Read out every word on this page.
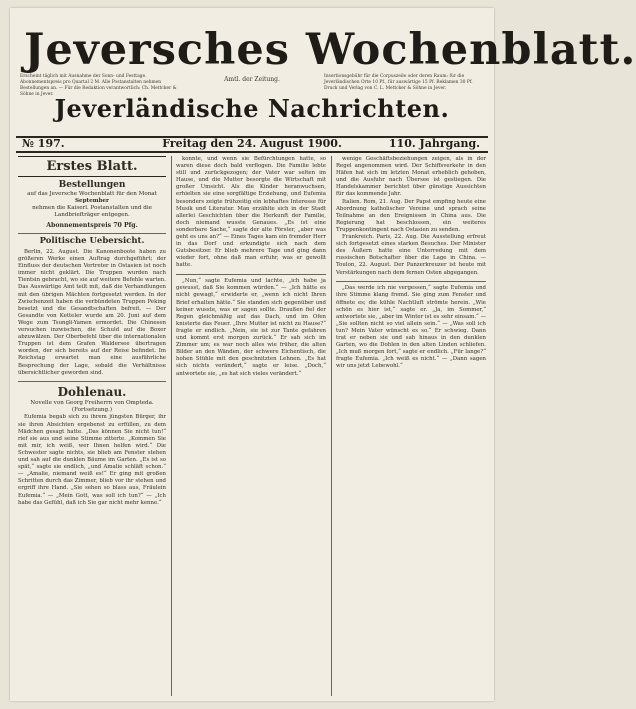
Jeversches Wochenblatt.
Erscheint täglich mit Ausnahme der Sonn- und Festtage. Abonnementspreis pro Quartal 2 M. Alle Postanstalten nehmen Bestellungen an. — Für die Redaktion verantwortlich: Ch. Mettcker & Söhne in Jever.
Amtl. der Zeitung.	Insertionsgebühr für die Corpuszeile oder deren Raum: für die Jeverländischen Orte 10 Pf., für auswärtige 15 Pf. Reklamen 30 Pf. Druck und Verlag von C. L. Mettcker & Söhne in Jever.
Jeverländische Nachrichten.
Freitag den 24. August 1900.
№ 197.	110. Jahrgang.
Erstes Blatt.
Bestellungen
auf das Jeversche Wochenblatt für den Monat
September
nehmen die Kaiserl. Postanstalten und die Landbriefträger entgegen.
Abonnementspreis 70 Pfg.
Politische Uebersicht.

Berlin, 22. August. Die Kanonenboote haben zu größeren Werke einen Auftrag durchgeführt; der Einfluss der deutschen Vertreter in Ostasien ist noch immer nicht geklärt. Die Truppen wurden nach Tientsin gebracht, wo sie auf weitere Befehle warten. Das Auswärtige Amt teilt mit, daß die Verhandlungen mit den übrigen Mächten fortgesetzt werden. In der Zwischenzeit haben die verbündeten Truppen Peking besetzt und die Gesandtschaften befreit. — Der Gesandte von Ketteler wurde am 20. Juni auf dem Wege zum Tsungli-Yamen ermordet. Die Chinesen versuchen inzwischen, die Schuld auf die Boxer abzuwälzen. Der Oberbefehl über die internationalen Truppen ist dem Grafen Waldersee übertragen worden, der sich bereits auf der Reise befindet. Im Reichstag erwartet man eine ausführliche Besprechung der Lage, sobald die Verhältnisse übersichtlicher geworden sind.

Dohlenau.
Novelle von Georg Freiherrn von Ompteda.
(Fortsetzung.)

Eufemia begab sich zu ihrem jüngsten Bürger, ihr sie ihren Absichten ergebenst zu erfüllen, zu dem Mädchen gesagt hatte. „Das können Sie nicht tun!“ rief sie aus und seine Stimme zitterte. „Kommen Sie mit mir, ich weiß, wer Ihnen helfen wird.“ Die Schwester sagte nichts, sie blieb am Fenster stehen und sah auf die dunklen Bäume im Garten. „Es ist so spät,“ sagte sie endlich, „und Amalie schläft schon.“ — „Amalie, niemand weiß es!“ Er ging mit großen Schritten durch das Zimmer, blieb vor ihr stehen und ergriff ihre Hand. „Sie sehen so blass aus, Fräulein Eufemia.“ — „Mein Gott, was soll ich tun?“ — „Ich habe das Gefühl, daß ich Sie gar nicht mehr kenne.“

konnte, und wenn sie Befürchtungen hatte, so waren diese doch bald verflogen. Die Familie lebte still und zurückgezogen; der Vater war selten im Hause, und die Mutter besorgte die Wirtschaft mit großer Umsicht. Als die Kinder heranwuchsen, erhielten sie eine sorgfältige Erziehung, und Eufemia besonders zeigte frühzeitig ein lebhaftes Interesse für Musik und Literatur. Man erzählte sich in der Stadt allerlei Geschichten über die Herkunft der Familie, doch niemand wusste Genaues. „Es ist eine sonderbare Sache,“ sagte der alte Förster, „aber was geht es uns an?“ — Eines Tages kam ein fremder Herr in das Dorf und erkundigte sich nach dem Gutsbesitzer. Er blieb mehrere Tage und ging dann wieder fort, ohne daß man erfuhr, was er gewollt hatte.

„Nun,“ sagte Eufemia und lachte, „ich habe ja gewusst, daß Sie kommen würden.“ — „Ich hätte es nicht gewagt,“ erwiderte er, „wenn ich nicht Ihren Brief erhalten hätte.“ Sie standen sich gegenüber und keiner wusste, was er sagen sollte. Draußen fiel der Regen gleichmäßig auf das Dach, und im Ofen knisterte das Feuer. „Ihre Mutter ist nicht zu Hause?“ fragte er endlich. „Nein, sie ist zur Tante gefahren und kommt erst morgen zurück.“ Er sah sich im Zimmer um; es war noch alles wie früher, die alten Bilder an den Wänden, der schwere Eichentisch, die hohen Stühle mit den geschnitzten Lehnen. „Es hat sich nichts verändert,“ sagte er leise. „Doch,“ antwortete sie, „es hat sich vieles verändert.“

wenige Geschäftsbeziehungen zeigen, als in der Regel angenommen wird. Der Schiffsverkehr in den Häfen hat sich im letzten Monat erheblich gehoben, und die Ausfuhr nach Übersee ist gestiegen. Die Handelskammer berichtet über günstige Aussichten für das kommende Jahr.

Italien. Rom, 21. Aug. Der Papst empfing heute eine Abordnung katholischer Vereine und sprach seine Teilnahme an den Ereignissen in China aus. Die Regierung hat beschlossen, ein weiteres Truppenkontingent nach Ostasien zu senden.

Frankreich. Paris, 22. Aug. Die Ausstellung erfreut sich fortgesetzt eines starken Besuches. Der Minister des Äußern hatte eine Unterredung mit dem russischen Botschafter über die Lage in China. — Toulon, 22. August. Der Panzerkreuzer ist heute mit Verstärkungen nach dem fernen Osten abgegangen.

„Das werde ich nie vergessen,“ sagte Eufemia und ihre Stimme klang fremd. Sie ging zum Fenster und öffnete es; die kühle Nachtluft strömte herein. „Wie schön es hier ist,“ sagte er. „Ja, im Sommer,“ antwortete sie, „aber im Winter ist es sehr einsam.“ — „Sie sollten nicht so viel allein sein.“ — „Was soll ich tun? Mein Vater wünscht es so.“ Er schwieg. Dann trat er neben sie und sah hinaus in den dunklen Garten, wo die Dohlen in den alten Linden schliefen. „Ich muß morgen fort,“ sagte er endlich. „Für lange?“ fragte Eufemia. „Ich weiß es nicht.“ — „Dann sagen wir uns jetzt Lebewohl.“
